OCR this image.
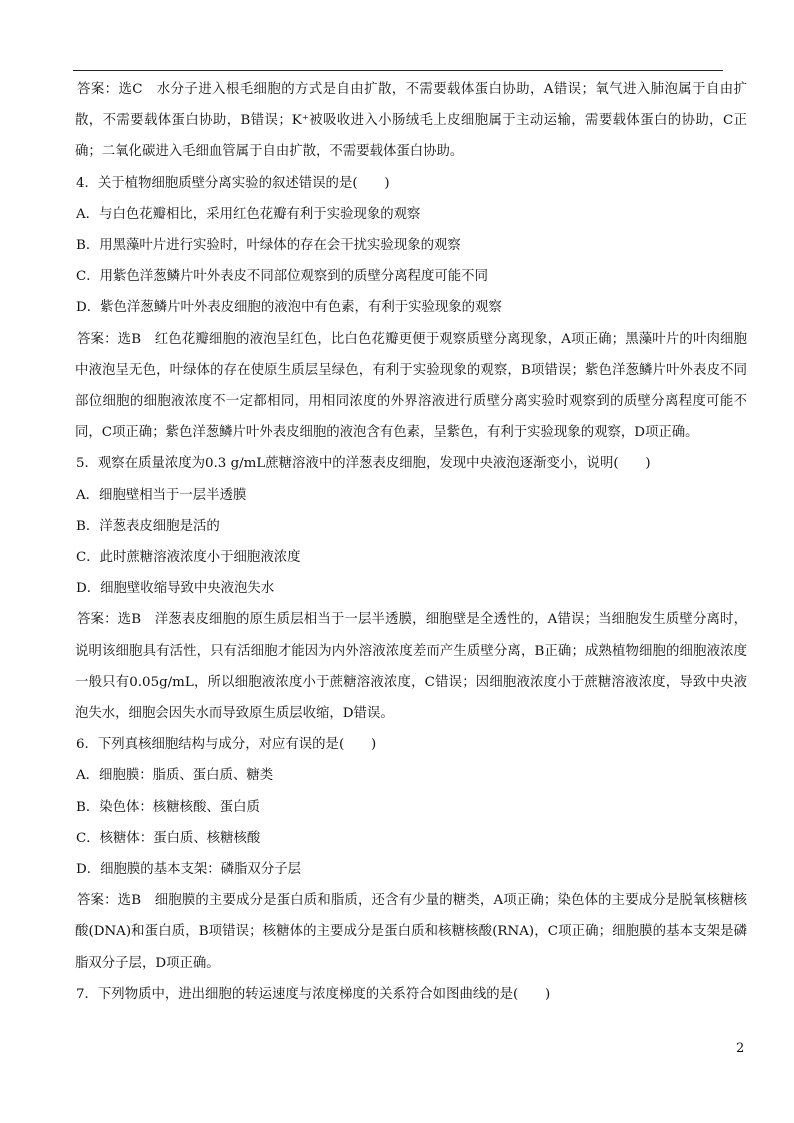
答案：选C　水分子进入根毛细胞的方式是自由扩散，不需要载体蛋白协助，A错误；氧气进入肺泡属于自由扩散，不需要载体蛋白协助，B错误；K⁺被吸收进入小肠绒毛上皮细胞属于主动运输，需要载体蛋白的协助，C正确；二氧化碳进入毛细血管属于自由扩散，不需要载体蛋白协助。

4．关于植物细胞质壁分离实验的叙述错误的是(　　)

A．与白色花瓣相比，采用红色花瓣有利于实验现象的观察

B．用黑藻叶片进行实验时，叶绿体的存在会干扰实验现象的观察

C．用紫色洋葱鳞片叶外表皮不同部位观察到的质壁分离程度可能不同

D．紫色洋葱鳞片叶外表皮细胞的液泡中有色素，有利于实验现象的观察

答案：选B　红色花瓣细胞的液泡呈红色，比白色花瓣更便于观察质壁分离现象，A项正确；黑藻叶片的叶肉细胞中液泡呈无色，叶绿体的存在使原生质层呈绿色，有利于实验现象的观察，B项错误；紫色洋葱鳞片叶外表皮不同部位细胞的细胞液浓度不一定都相同，用相同浓度的外界溶液进行质壁分离实验时观察到的质壁分离程度可能不同，C项正确；紫色洋葱鳞片叶外表皮细胞的液泡含有色素，呈紫色，有利于实验现象的观察，D项正确。

5．观察在质量浓度为0.3 g/mL蔗糖溶液中的洋葱表皮细胞，发现中央液泡逐渐变小，说明(　　)

A．细胞壁相当于一层半透膜

B．洋葱表皮细胞是活的

C．此时蔗糖溶液浓度小于细胞液浓度

D．细胞壁收缩导致中央液泡失水

答案：选B　洋葱表皮细胞的原生质层相当于一层半透膜，细胞壁是全透性的，A错误；当细胞发生质壁分离时，说明该细胞具有活性，只有活细胞才能因为内外溶液浓度差而产生质壁分离，B正确；成熟植物细胞的细胞液浓度一般只有0.05g/mL，所以细胞液浓度小于蔗糖溶液浓度，C错误；因细胞液浓度小于蔗糖溶液浓度，导致中央液泡失水，细胞会因失水而导致原生质层收缩，D错误。

6．下列真核细胞结构与成分，对应有误的是(　　)

A．细胞膜：脂质、蛋白质、糖类

B．染色体：核糖核酸、蛋白质

C．核糖体：蛋白质、核糖核酸

D．细胞膜的基本支架：磷脂双分子层

答案：选B　细胞膜的主要成分是蛋白质和脂质，还含有少量的糖类，A项正确；染色体的主要成分是脱氧核糖核酸(DNA)和蛋白质，B项错误；核糖体的主要成分是蛋白质和核糖核酸(RNA)，C项正确；细胞膜的基本支架是磷脂双分子层，D项正确。

7．下列物质中，进出细胞的转运速度与浓度梯度的关系符合如图曲线的是(　　)

2
